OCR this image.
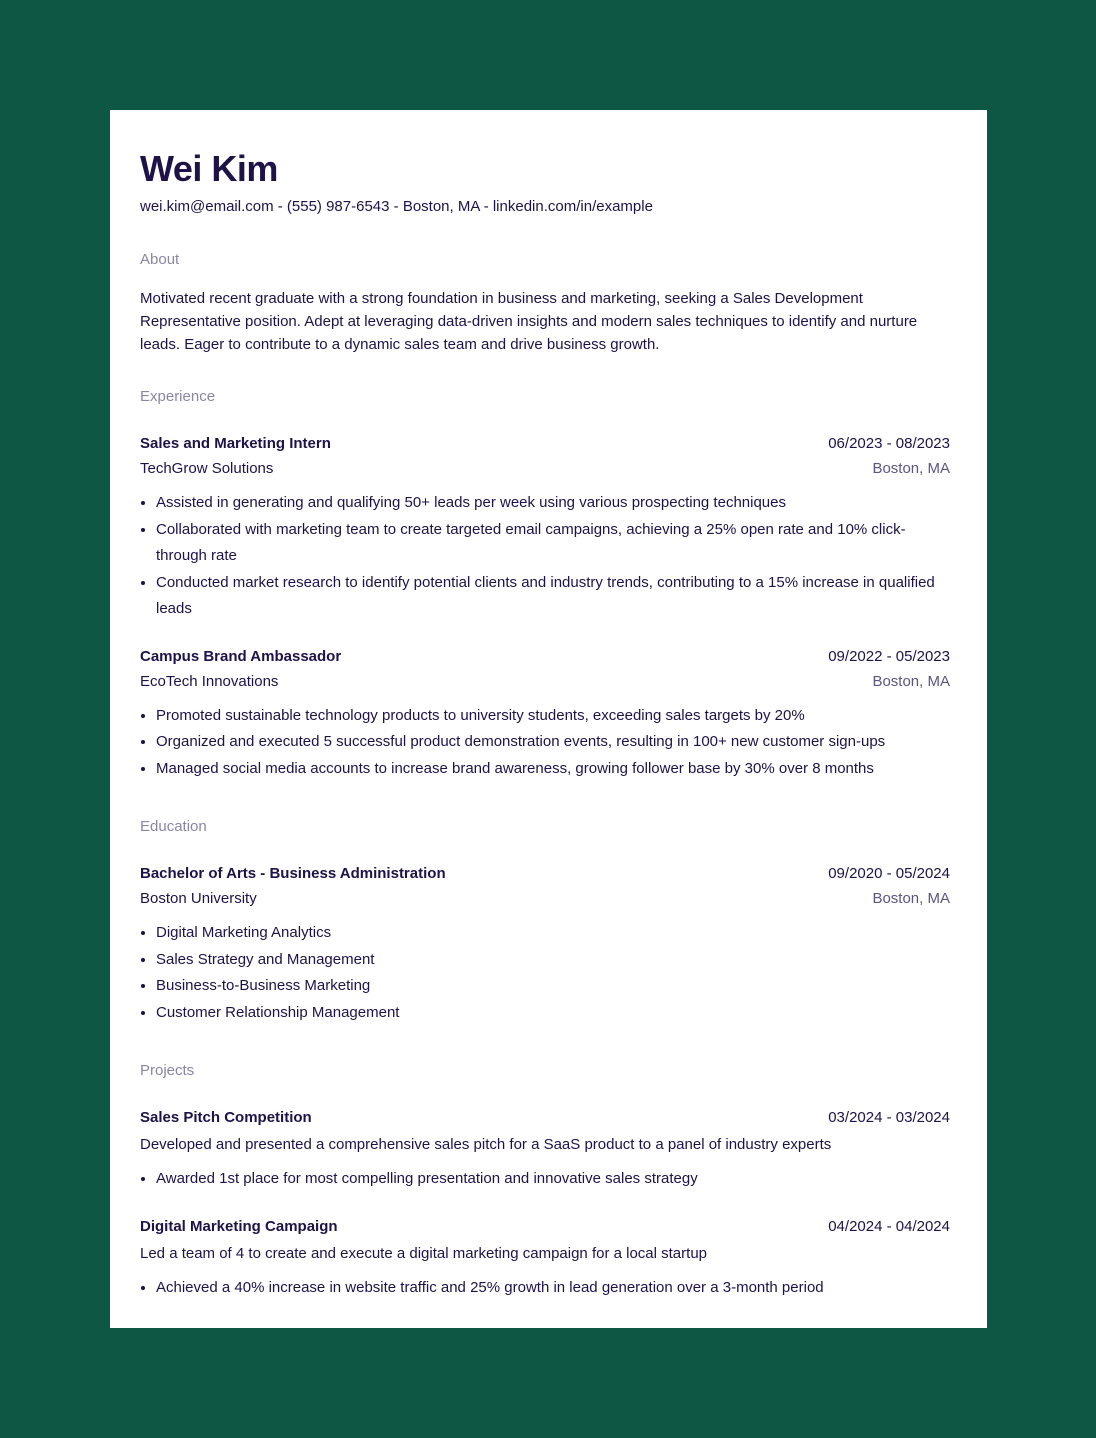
Wei Kim
wei.kim@email.com - (555) 987-6543 - Boston, MA - linkedin.com/in/example
About
Motivated recent graduate with a strong foundation in business and marketing, seeking a Sales Development Representative position. Adept at leveraging data-driven insights and modern sales techniques to identify and nurture leads. Eager to contribute to a dynamic sales team and drive business growth.
Experience
Sales and Marketing Intern	06/2023 - 08/2023
TechGrow Solutions	Boston, MA
• Assisted in generating and qualifying 50+ leads per week using various prospecting techniques
• Collaborated with marketing team to create targeted email campaigns, achieving a 25% open rate and 10% click-through rate
• Conducted market research to identify potential clients and industry trends, contributing to a 15% increase in qualified leads
Campus Brand Ambassador	09/2022 - 05/2023
EcoTech Innovations	Boston, MA
• Promoted sustainable technology products to university students, exceeding sales targets by 20%
• Organized and executed 5 successful product demonstration events, resulting in 100+ new customer sign-ups
• Managed social media accounts to increase brand awareness, growing follower base by 30% over 8 months
Education
Bachelor of Arts - Business Administration	09/2020 - 05/2024
Boston University	Boston, MA
• Digital Marketing Analytics
• Sales Strategy and Management
• Business-to-Business Marketing
• Customer Relationship Management
Projects
Sales Pitch Competition	03/2024 - 03/2024
Developed and presented a comprehensive sales pitch for a SaaS product to a panel of industry experts
• Awarded 1st place for most compelling presentation and innovative sales strategy
Digital Marketing Campaign	04/2024 - 04/2024
Led a team of 4 to create and execute a digital marketing campaign for a local startup
• Achieved a 40% increase in website traffic and 25% growth in lead generation over a 3-month period
